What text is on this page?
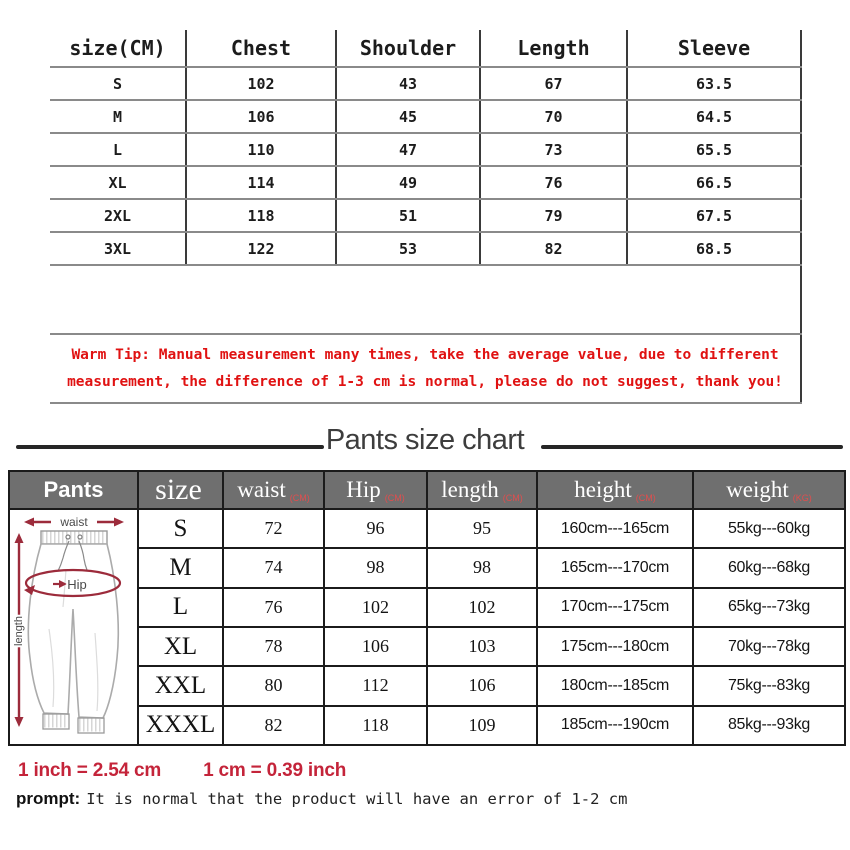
size(CM)	Chest	Shoulder	Length	Sleeve
S	102	43	67	63.5
M	106	45	70	64.5
L	110	47	73	65.5
XL	114	49	76	66.5
2XL	118	51	79	67.5
3XL	122	53	82	68.5

Warm Tip: Manual measurement many times, take the average value, due to different measurement, the difference of 1-3 cm is normal, please do not suggest, thank you!				
Pants size chart
Pants	size	waist $^{(CM)}$	Hip $^{(CM)}$	length $^{(CM)}$	height $^{(CM)}$	weight $^{(KG)}$

waist
Hip
length	S	72	96	95	160cm---165cm	55kg---60kg
	M	74	98	98	165cm---170cm	60kg---68kg
	L	76	102	102	170cm---175cm	65kg---73kg
	XL	78	106	103	175cm---180cm	70kg---78kg
	XXL	80	112	106	180cm---185cm	75kg---83kg
	XXXL	82	118	109	185cm---190cm	85kg---93kg
1 inch = 2.54 cm 1 cm = 0.39 inch
prompt: It is normal that the product will have an error of 1-2 cm
